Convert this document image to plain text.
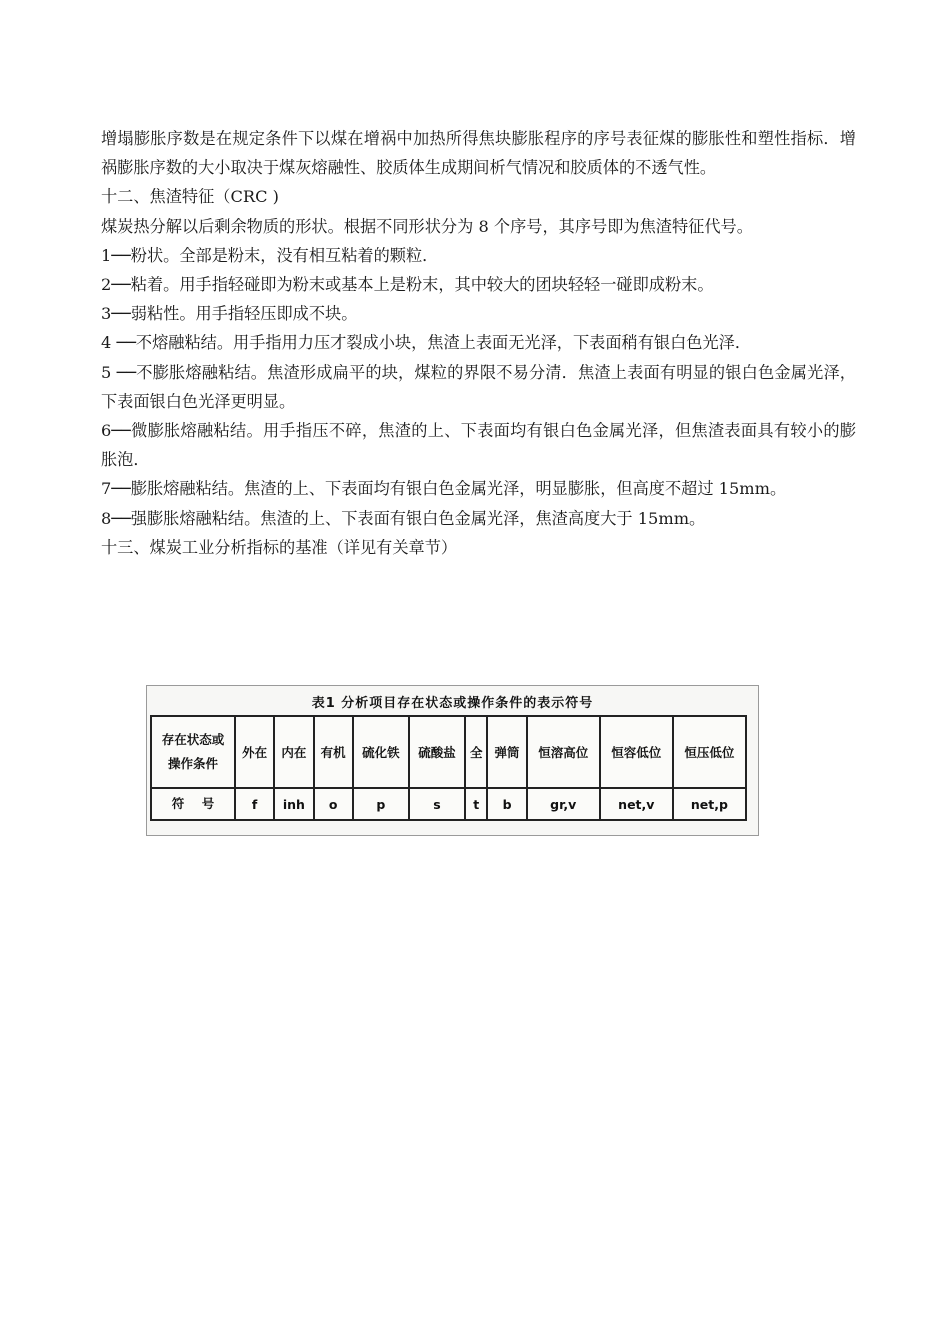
增塌膨胀序数是在规定条件下以煤在增祸中加热所得焦块膨胀程序的序号表征煤的膨胀性和塑性指标．增祸膨胀序数的大小取决于煤灰熔融性、胶质体生成期间析气情况和胶质体的不透气性。

十二、焦渣特征（CRC )

煤炭热分解以后剩余物质的形状。根据不同形状分为 8 个序号，其序号即为焦渣特征代号。

1──粉状。全部是粉末，没有相互粘着的颗粒．

2──粘着。用手指轻碰即为粉末或基本上是粉末，其中较大的团块轻轻一碰即成粉末。

3──弱粘性。用手指轻压即成不块。

4 ──不熔融粘结。用手指用力压才裂成小块，焦渣上表面无光泽，下表面稍有银白色光泽．

5 ──不膨胀熔融粘结。焦渣形成扁平的块，煤粒的界限不易分清．焦渣上表面有明显的银白色金属光泽，下表面银白色光泽更明显。

6──微膨胀熔融粘结。用手指压不碎，焦渣的上、下表面均有银白色金属光泽，但焦渣表面具有较小的膨胀泡．

7──膨胀熔融粘结。焦渣的上、下表面均有银白色金属光泽，明显膨胀，但高度不超过 15mm。

8──强膨胀熔融粘结。焦渣的上、下表面有银白色金属光泽，焦渣高度大于 15mm。

十三、煤炭工业分析指标的基准（详见有关章节）

表1 分析项目存在状态或操作条件的表示符号
存在状态或
操作条件	外在	内在	有机	硫化铁	硫酸盐	全	弹筒	恒溶高位	恒容低位	恒压低位
符    号	f	inh	o	p	s	t	b	gr,v	net,v	net,p
